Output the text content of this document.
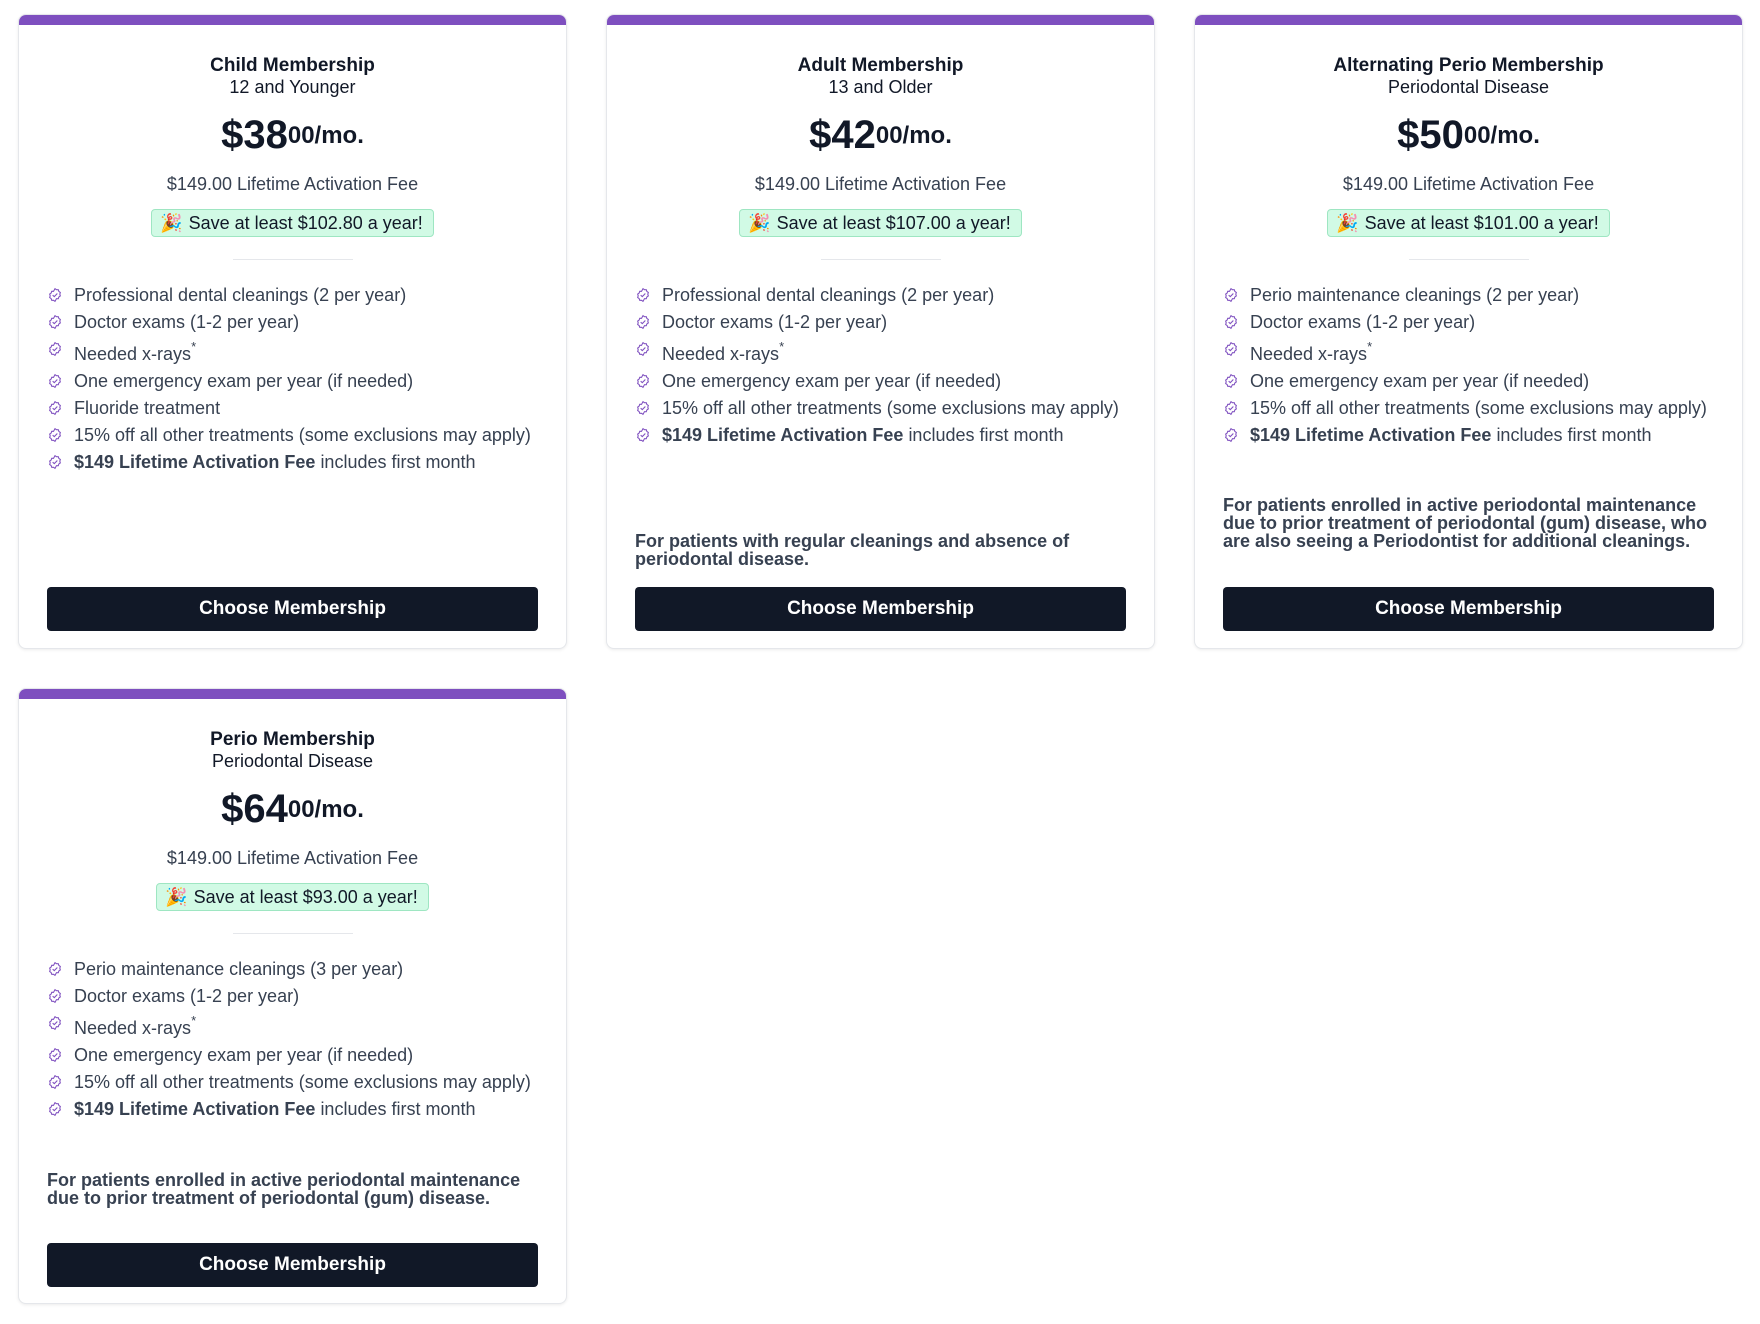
Child Membership
12 and Younger
$3800/mo.
$149.00 Lifetime Activation Fee
🎉 Save at least $102.80 a year!
Professional dental cleanings (2 per year)
Doctor exams (1-2 per year)
Needed x-rays*
One emergency exam per year (if needed)
Fluoride treatment
15% off all other treatments (some exclusions may apply)
$149 Lifetime Activation Fee includes first month
Choose Membership
Adult Membership
13 and Older
$4200/mo.
$149.00 Lifetime Activation Fee
🎉 Save at least $107.00 a year!
Professional dental cleanings (2 per year)
Doctor exams (1-2 per year)
Needed x-rays*
One emergency exam per year (if needed)
15% off all other treatments (some exclusions may apply)
$149 Lifetime Activation Fee includes first month
For patients with regular cleanings and absence of periodontal disease.
Choose Membership
Alternating Perio Membership
Periodontal Disease
$5000/mo.
$149.00 Lifetime Activation Fee
🎉 Save at least $101.00 a year!
Perio maintenance cleanings (2 per year)
Doctor exams (1-2 per year)
Needed x-rays*
One emergency exam per year (if needed)
15% off all other treatments (some exclusions may apply)
$149 Lifetime Activation Fee includes first month
For patients enrolled in active periodontal maintenance due to prior treatment of periodontal (gum) disease, who are also seeing a Periodontist for additional cleanings.
Choose Membership
Perio Membership
Periodontal Disease
$6400/mo.
$149.00 Lifetime Activation Fee
🎉 Save at least $93.00 a year!
Perio maintenance cleanings (3 per year)
Doctor exams (1-2 per year)
Needed x-rays*
One emergency exam per year (if needed)
15% off all other treatments (some exclusions may apply)
$149 Lifetime Activation Fee includes first month
For patients enrolled in active periodontal maintenance due to prior treatment of periodontal (gum) disease.
Choose Membership
